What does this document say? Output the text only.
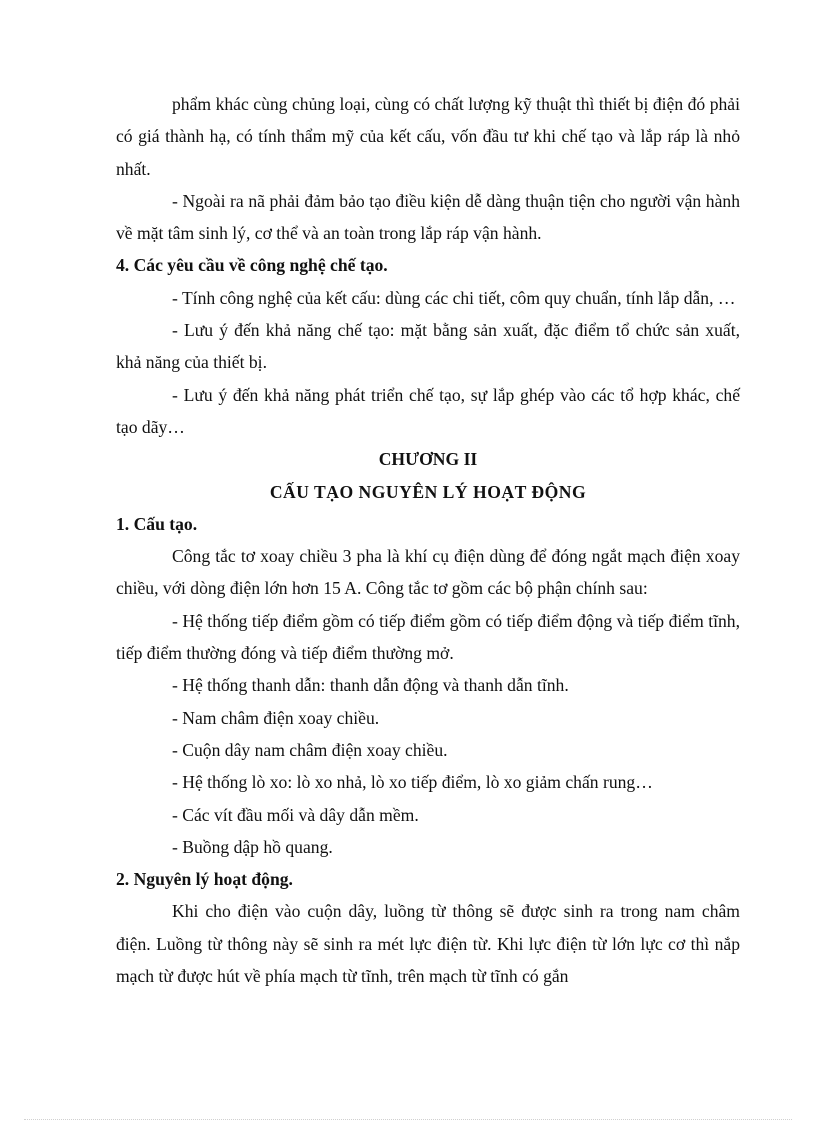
phẩm khác cùng chủng loại, cùng có chất lượng kỹ thuật thì thiết bị điện đó phải có giá thành hạ, có tính thẩm mỹ của kết cấu, vốn đầu tư khi chế tạo và lắp ráp là nhỏ nhất.

- Ngoài ra nã phải đảm bảo tạo điều kiện dễ dàng thuận tiện cho người vận hành về mặt tâm sinh lý, cơ thể và an toàn trong lắp ráp vận hành.

4. Các yêu cầu về công nghệ chế tạo.

- Tính công nghệ của kết cấu: dùng các chi tiết, côm quy chuẩn, tính lắp dẫn, …

- Lưu ý đến khả năng chế tạo: mặt bằng sản xuất, đặc điểm tổ chức sản xuất, khả năng của thiết bị.

- Lưu ý đến khả năng phát triển chế tạo, sự lắp ghép vào các tổ hợp khác, chế tạo dãy…

CHƯƠNG II

CẤU TẠO NGUYÊN LÝ HOẠT ĐỘNG

1. Cấu tạo.

Công tắc tơ xoay chiều 3 pha là khí cụ điện dùng để đóng ngắt mạch điện xoay chiều, với dòng điện lớn hơn 15 A. Công tắc tơ gồm các bộ phận chính sau:

- Hệ thống tiếp điểm gồm có tiếp điểm gồm có tiếp điểm động và tiếp điểm tĩnh, tiếp điểm thường đóng và tiếp điểm thường mở.

- Hệ thống thanh dẫn: thanh dẫn động và thanh dẫn tĩnh.

- Nam châm điện xoay chiều.

- Cuộn dây nam châm điện xoay chiều.

- Hệ thống lò xo: lò xo nhả, lò xo tiếp điểm, lò xo giảm chấn rung…

- Các vít đầu mối và dây dẫn mềm.

- Buồng dập hồ quang.

2. Nguyên lý hoạt động.

Khi cho điện vào cuộn dây, luồng từ thông sẽ được sinh ra trong nam châm điện. Luồng từ thông này sẽ sinh ra mét lực điện từ. Khi lực điện từ lớn lực cơ thì nắp mạch từ được hút về phía mạch từ tĩnh, trên mạch từ tĩnh có gắn
